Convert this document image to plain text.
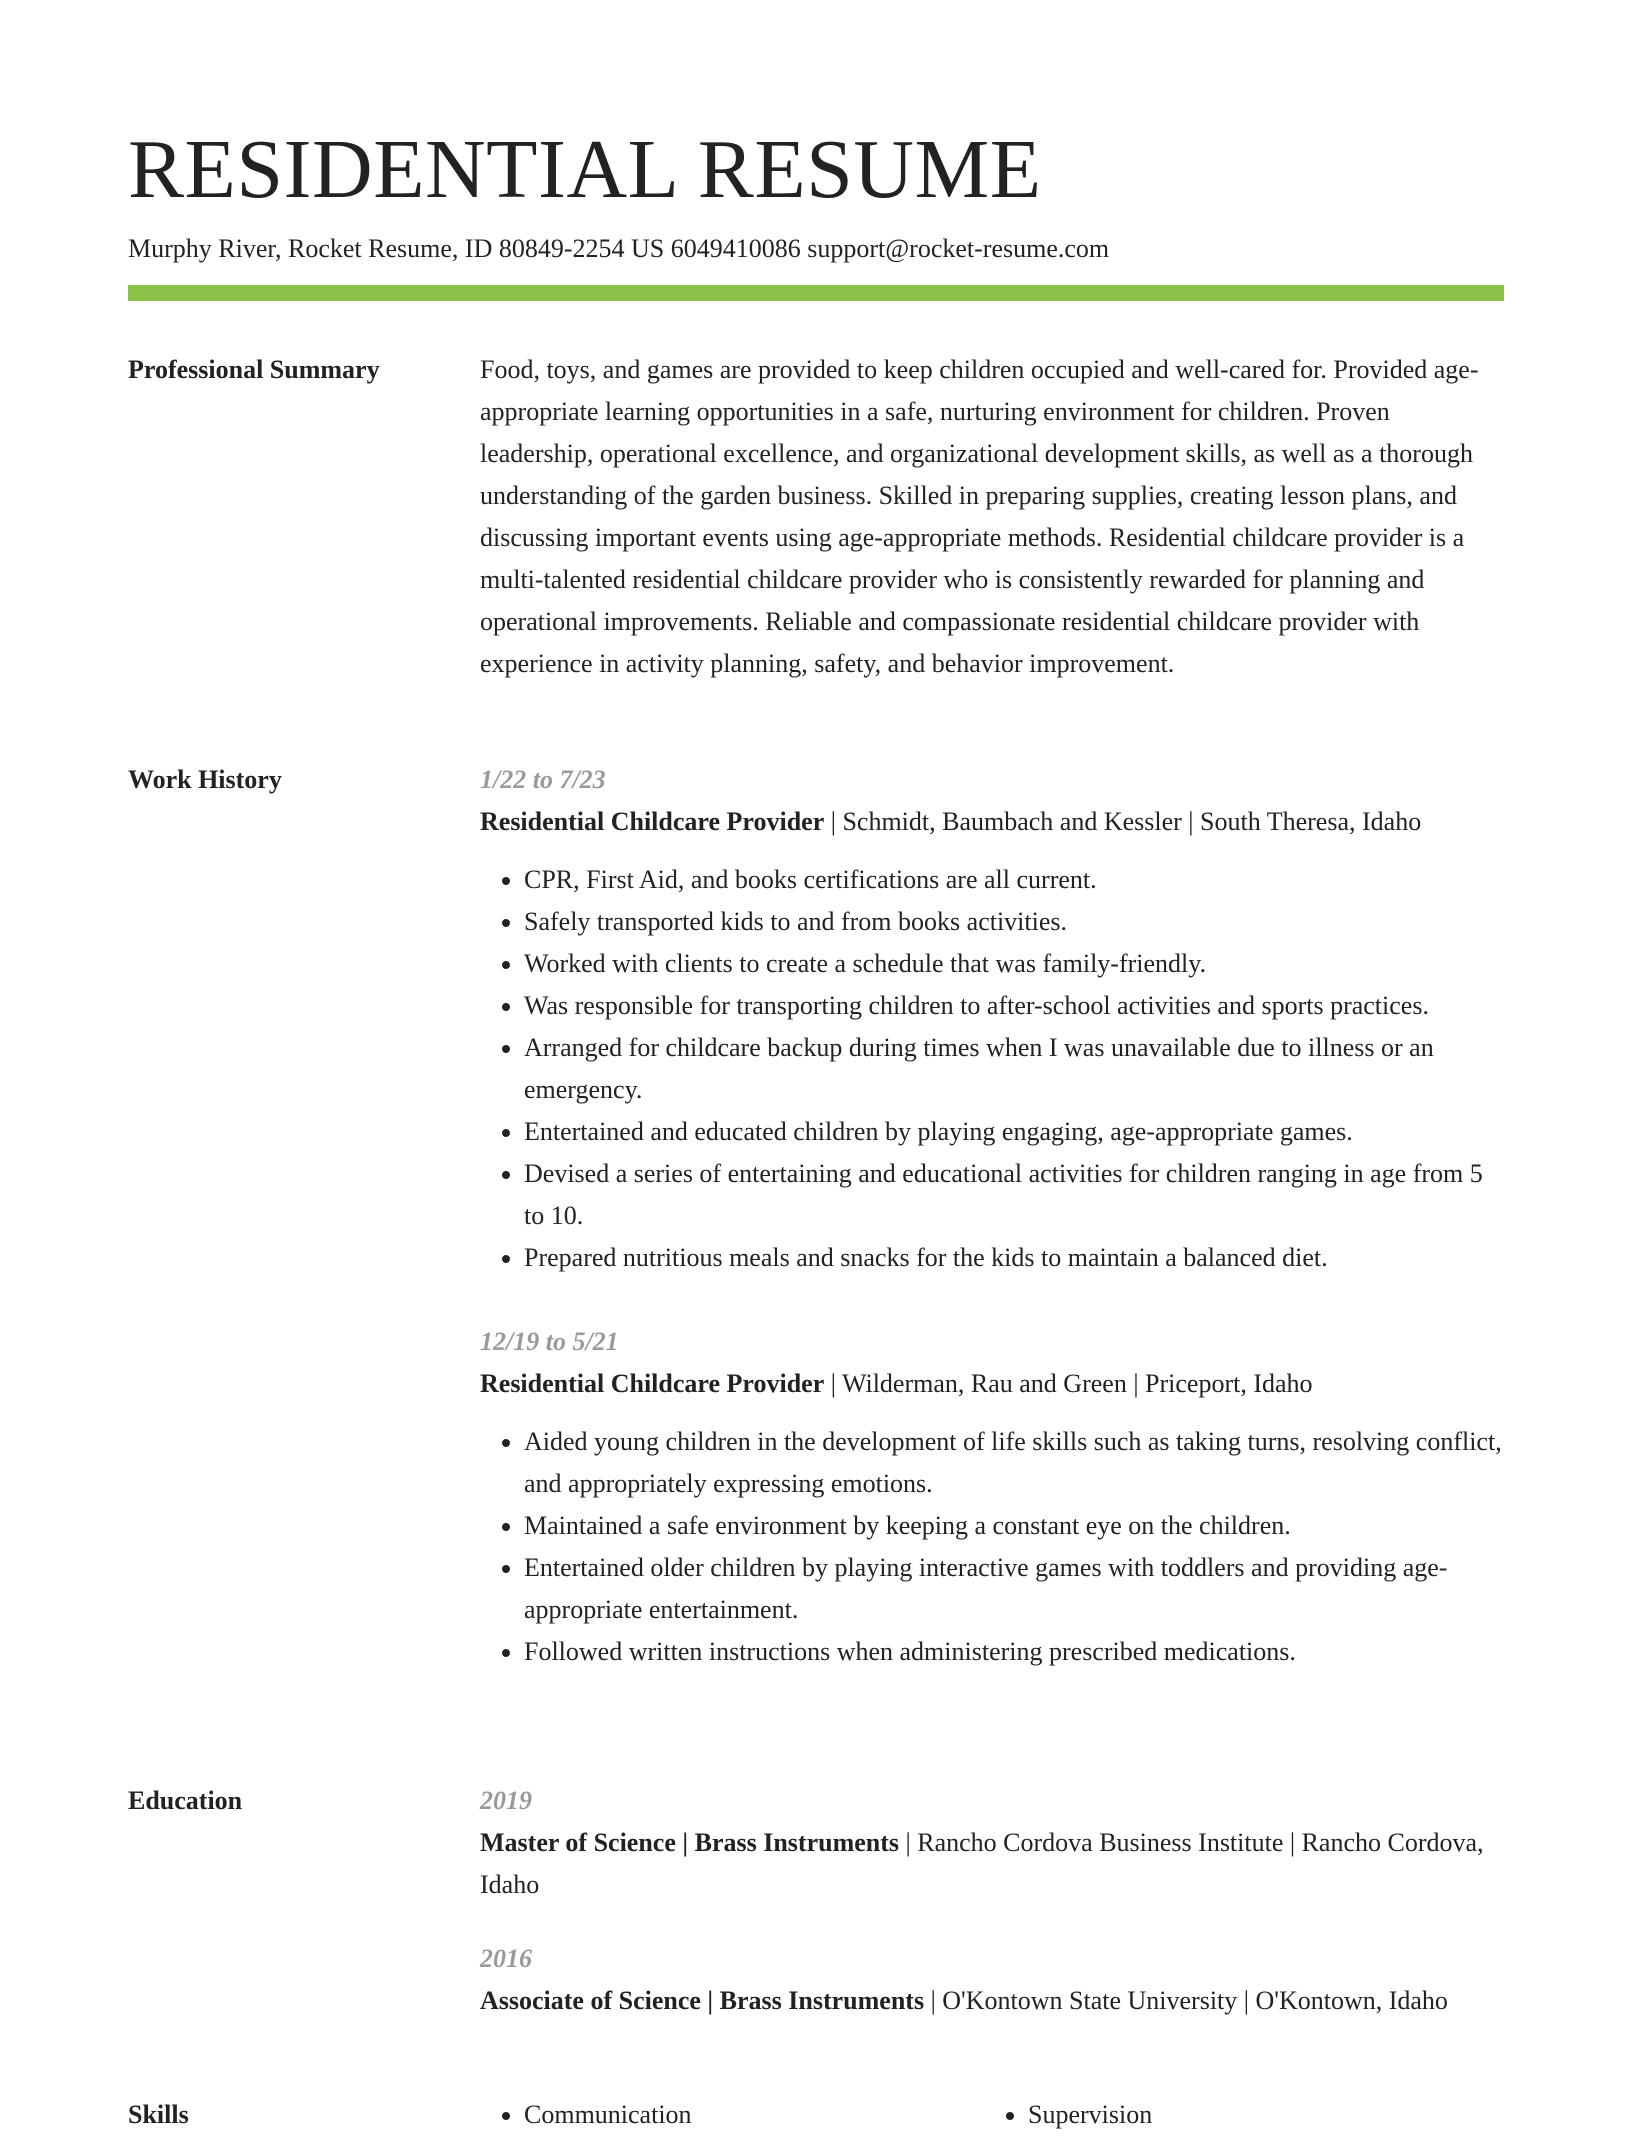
RESIDENTIAL RESUME
Murphy River, Rocket Resume, ID 80849-2254 US 6049410086 support@rocket-resume.com
Professional Summary	Food, toys, and games are provided to keep children occupied and well-cared for. Provided age-appropriate learning opportunities in a safe, nurturing environment for children. Proven leadership, operational excellence, and organizational development skills, as well as a thorough understanding of the garden business. Skilled in preparing supplies, creating lesson plans, and discussing important events using age-appropriate methods. Residential childcare provider is a multi-talented residential childcare provider who is consistently rewarded for planning and operational improvements. Reliable and compassionate residential childcare provider with experience in activity planning, safety, and behavior improvement.

Work History	1/22 to 7/23

Residential Childcare Provider | Schmidt, Baumbach and Kessler | South Theresa, Idaho

• CPR, First Aid, and books certifications are all current.
• Safely transported kids to and from books activities.
• Worked with clients to create a schedule that was family-friendly.
• Was responsible for transporting children to after-school activities and sports practices.
• Arranged for childcare backup during times when I was unavailable due to illness or an emergency.
• Entertained and educated children by playing engaging, age-appropriate games.
• Devised a series of entertaining and educational activities for children ranging in age from 5 to 10.
• Prepared nutritious meals and snacks for the kids to maintain a balanced diet.

12/19 to 5/21

Residential Childcare Provider | Wilderman, Rau and Green | Priceport, Idaho

• Aided young children in the development of life skills such as taking turns, resolving conflict, and appropriately expressing emotions.
• Maintained a safe environment by keeping a constant eye on the children.
• Entertained older children by playing interactive games with toddlers and providing age-appropriate entertainment.
• Followed written instructions when administering prescribed medications.
Education	2019

Master of Science | Brass Instruments | Rancho Cordova Business Institute | Rancho Cordova, Idaho

2016

Associate of Science | Brass Instruments | O'Kontown State University | O'Kontown, Idaho

Skills	• Communication	• Supervision
